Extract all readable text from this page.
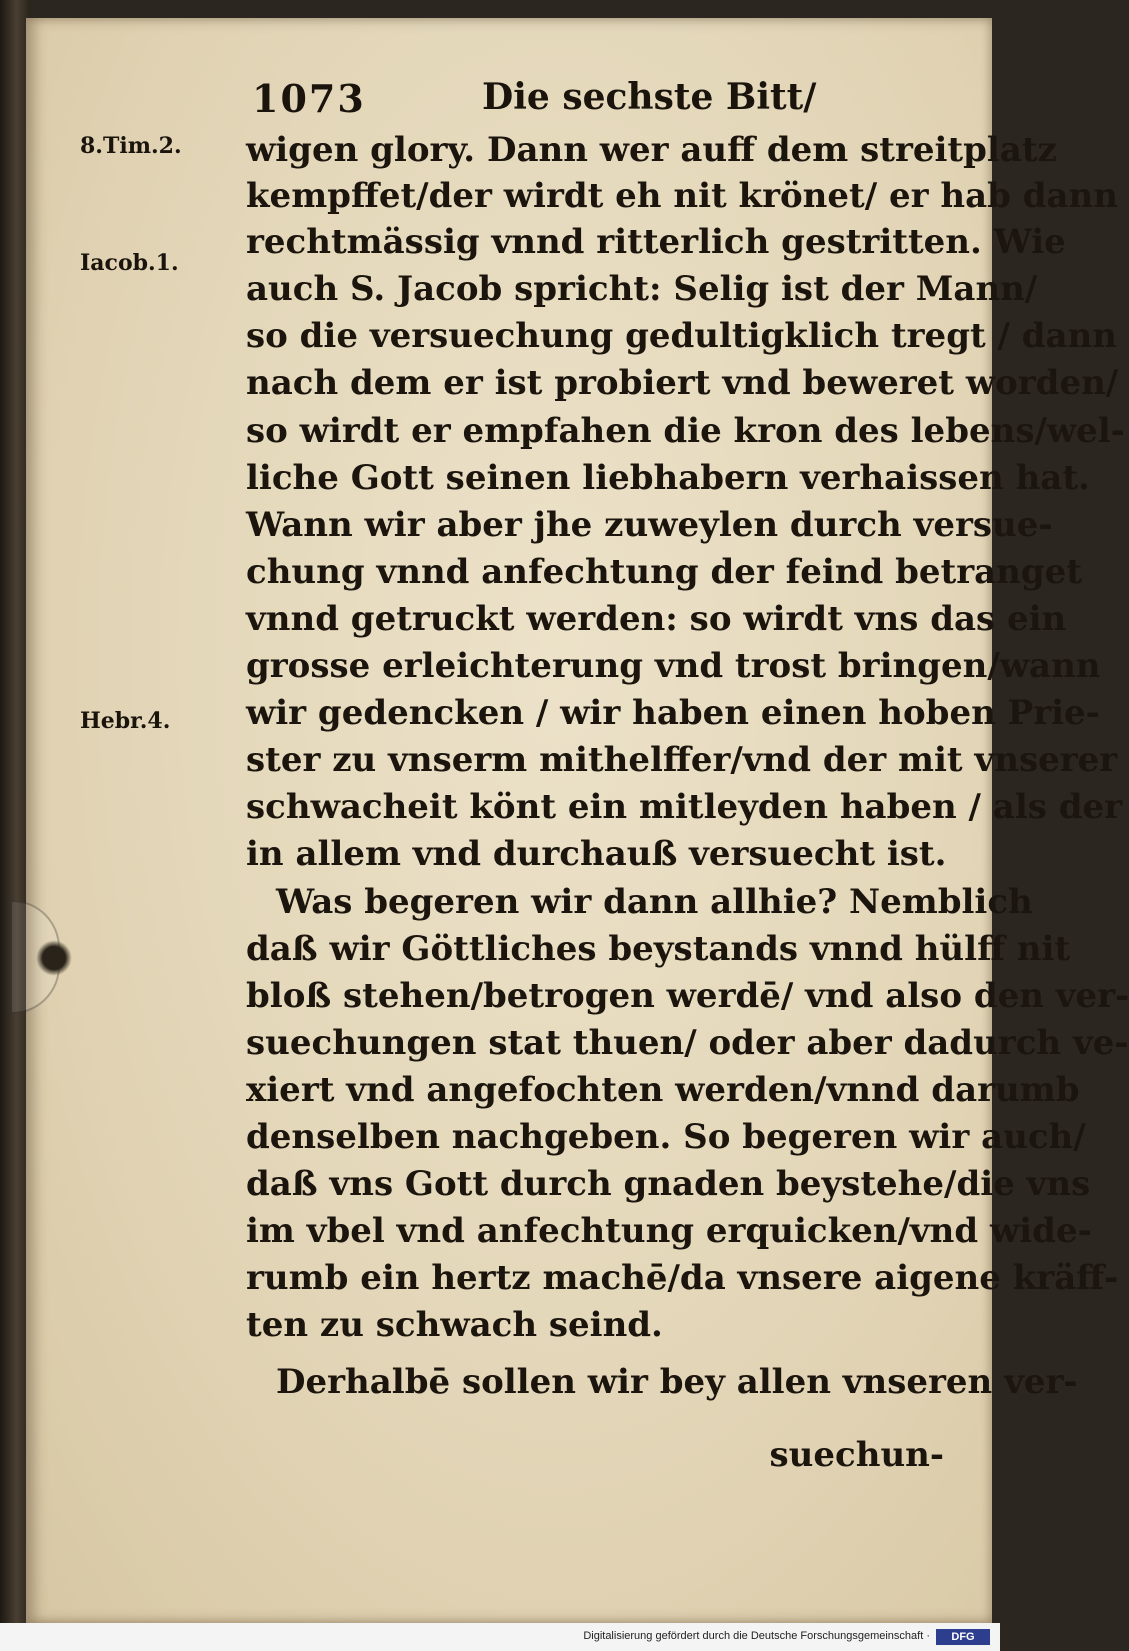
1073	Die sechste Bitt/
8.Tim.2.
Iacob.1.
Hebr.4.
wigen glory. Dann wer auff dem streitplatz
kempffet/der wirdt eh nit krönet/ er hab dann
rechtmässig vnnd ritterlich gestritten. Wie
auch S. Jacob spricht: Selig ist der Mann/
so die versuechung gedultigklich tregt / dann
nach dem er ist probiert vnd beweret worden/
so wirdt er empfahen die kron des lebens/wel-
liche Gott seinen liebhabern verhaissen hat.
Wann wir aber jhe zuweylen durch versue-
chung vnnd anfechtung der feind betranget
vnnd getruckt werden: so wirdt vns das ein
grosse erleichterung vnd trost bringen/wann
wir gedencken / wir haben einen hoben Prie-
ster zu vnserm mithelffer/vnd der mit vnserer
schwacheit könt ein mitleyden haben / als der
in allem vnd durchauß versuecht ist.
Was begeren wir dann allhie? Nemblich
daß wir Göttliches beystands vnnd hülff nit
bloß stehen/betrogen werdē/ vnd also den ver-
suechungen stat thuen/ oder aber dadurch ve-
xiert vnd angefochten werden/vnnd darumb
denselben nachgeben. So begeren wir auch/
daß vns Gott durch gnaden beystehe/die vns
im vbel vnd anfechtung erquicken/vnd wide-
rumb ein hertz machē/da vnsere aigene kräff-
ten zu schwach seind.
Derhalbē sollen wir bey allen vnseren ver-
suechun-
Digitalisierung gefördert durch die Deutsche Forschungsgemeinschaft ·	DFG
